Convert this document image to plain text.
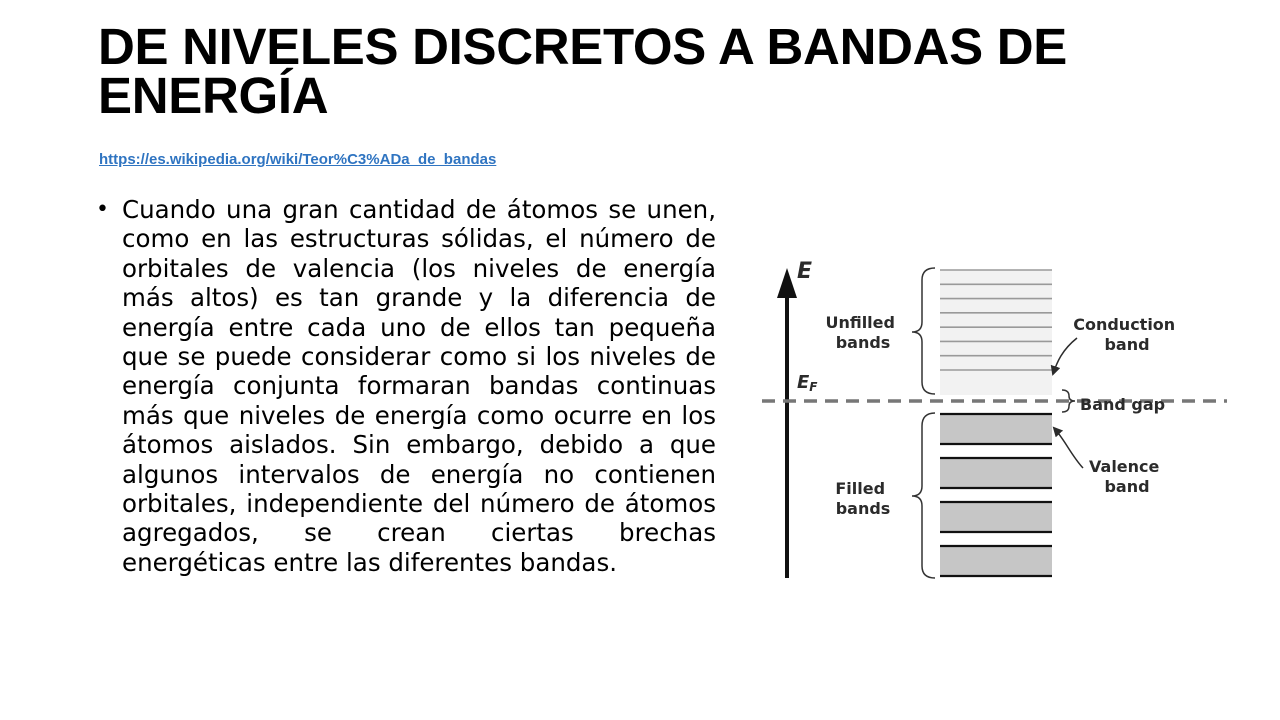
DE NIVELES DISCRETOS A BANDAS DE ENERGÍA
https://es.wikipedia.org/wiki/Teor%C3%ADa_de_bandas
• Cuando una gran cantidad de átomos se unen, como en las estructuras sólidas, el número de orbitales de valencia (los niveles de energía más altos) es tan grande y la diferencia de energía entre cada uno de ellos tan pequeña que se puede considerar como si los niveles de energía conjunta formaran bandas continuas más que niveles de energía como ocurre en los átomos aislados. Sin embargo, debido a que algunos intervalos de energía no contienen orbitales, independiente del número de átomos agregados, se crean ciertas brechas energéticas entre las diferentes bandas.

E
EF
Unfilled bands
Filled bands
Conduction band
Band gap
Valence band
